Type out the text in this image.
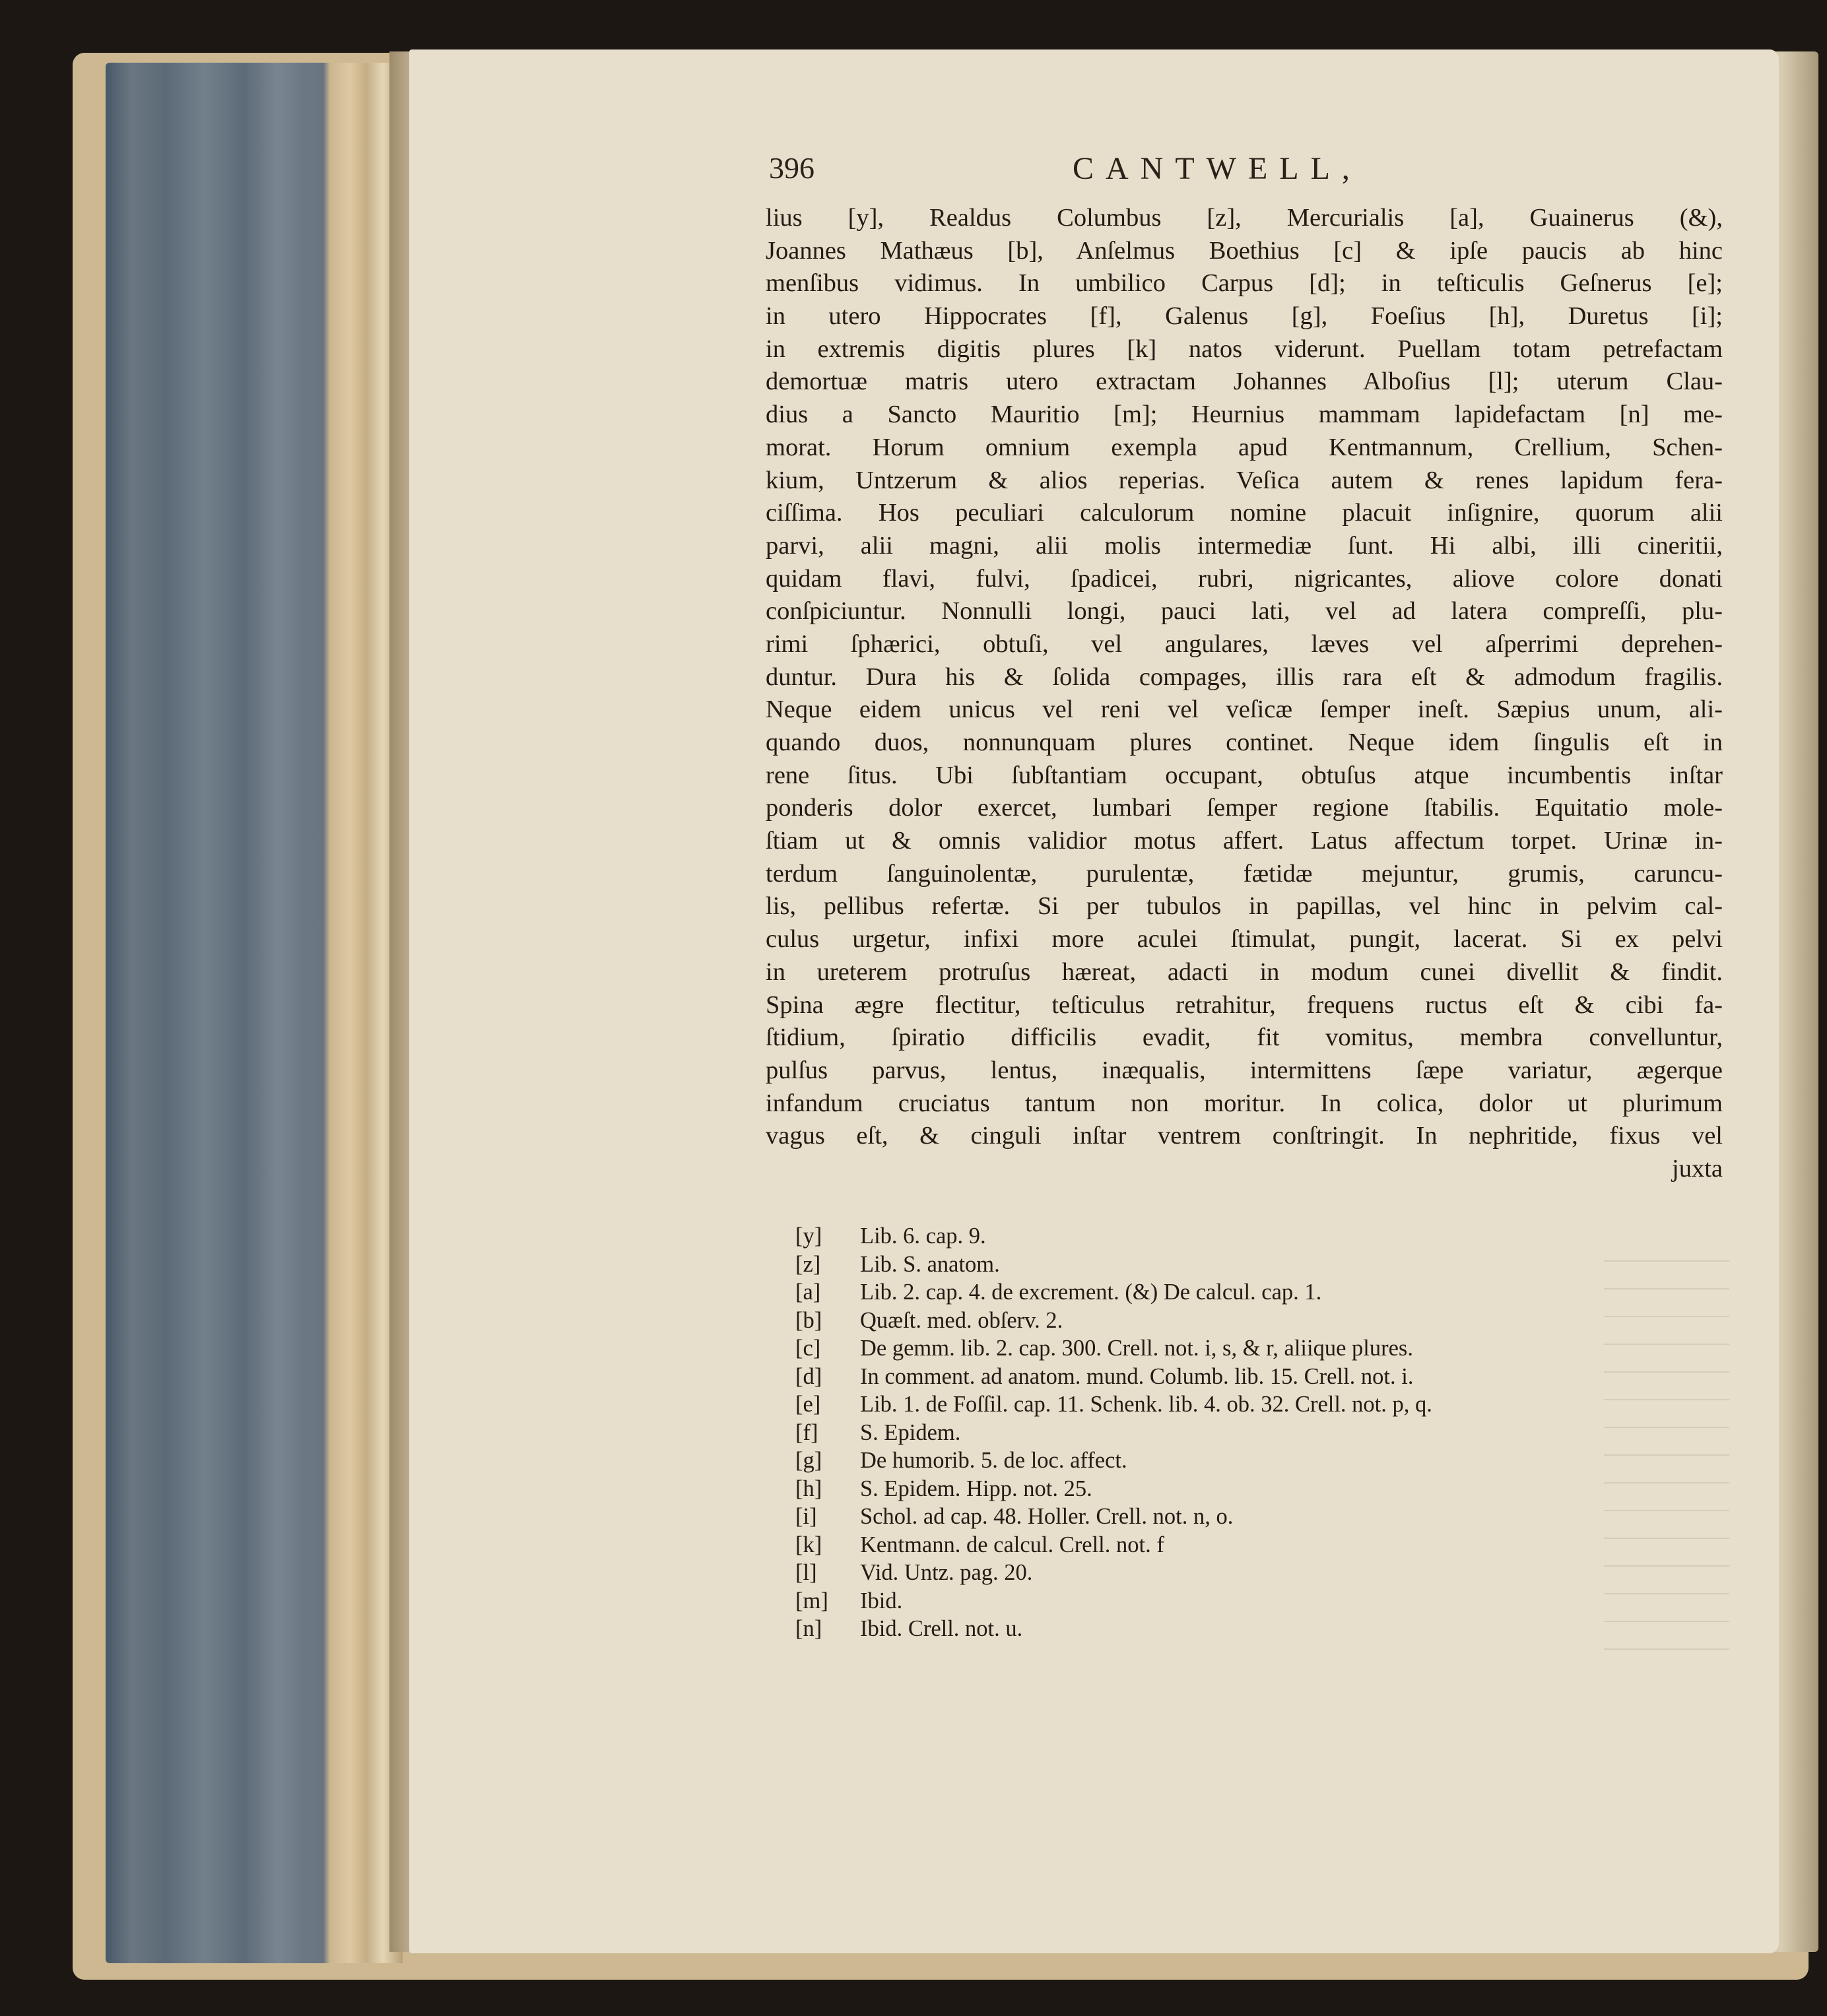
396	CANTWELL,
lius [y], Realdus Columbus [z], Mercurialis [a], Guainerus (&),
Joannes Mathæus [b], Anſelmus Boethius [c] & ipſe paucis ab hinc
menſibus vidimus. In umbilico Carpus [d]; in teſticulis Geſnerus [e];
in utero Hippocrates [f], Galenus [g], Foeſius [h], Duretus [i];
in extremis digitis plures [k] natos viderunt. Puellam totam petrefactam
demortuæ matris utero extractam Johannes Alboſius [l]; uterum Clau-
dius a Sancto Mauritio [m]; Heurnius mammam lapidefactam [n] me-
morat. Horum omnium exempla apud Kentmannum, Crellium, Schen-
kium, Untzerum & alios reperias. Veſica autem & renes lapidum fera-
ciſſima. Hos peculiari calculorum nomine placuit inſignire, quorum alii
parvi, alii magni, alii molis intermediæ ſunt. Hi albi, illi cineritii,
quidam flavi, fulvi, ſpadicei, rubri, nigricantes, aliove colore donati
conſpiciuntur. Nonnulli longi, pauci lati, vel ad latera compreſſi, plu-
rimi ſphærici, obtuſi, vel angulares, læves vel aſperrimi deprehen-
duntur. Dura his & ſolida compages, illis rara eſt & admodum fragilis.
Neque eidem unicus vel reni vel veſicæ ſemper ineſt. Sæpius unum, ali-
quando duos, nonnunquam plures continet. Neque idem ſingulis eſt in
rene ſitus. Ubi ſubſtantiam occupant, obtuſus atque incumbentis inſtar
ponderis dolor exercet, lumbari ſemper regione ſtabilis. Equitatio mole-
ſtiam ut & omnis validior motus affert. Latus affectum torpet. Urinæ in-
terdum ſanguinolentæ, purulentæ, fætidæ mejuntur, grumis, caruncu-
lis, pellibus refertæ. Si per tubulos in papillas, vel hinc in pelvim cal-
culus urgetur, infixi more aculei ſtimulat, pungit, lacerat. Si ex pelvi
in ureterem protruſus hæreat, adacti in modum cunei divellit & findit.
Spina ægre flectitur, teſticulus retrahitur, frequens ructus eſt & cibi fa-
ſtidium, ſpiratio difficilis evadit, fit vomitus, membra convelluntur,
pulſus parvus, lentus, inæqualis, intermittens ſæpe variatur, ægerque
infandum cruciatus tantum non moritur. In colica, dolor ut plurimum
vagus eſt, & cinguli inſtar ventrem conſtringit. In nephritide, fixus vel
juxta
[y] Lib. 6. cap. 9.
[z] Lib. S. anatom.
[a] Lib. 2. cap. 4. de excrement. (&) De calcul. cap. 1.
[b] Quæſt. med. obſerv. 2.
[c] De gemm. lib. 2. cap. 300. Crell. not. i, s, & r, aliique plures.
[d] In comment. ad anatom. mund. Columb. lib. 15. Crell. not. i.
[e] Lib. 1. de Foſſil. cap. 11. Schenk. lib. 4. ob. 32. Crell. not. p, q.
[f] S. Epidem.
[g] De humorib. 5. de loc. affect.
[h] S. Epidem. Hipp. not. 25.
[i] Schol. ad cap. 48. Holler. Crell. not. n, o.
[k] Kentmann. de calcul. Crell. not. f
[l] Vid. Untz. pag. 20.
[m] Ibid.
[n] Ibid. Crell. not. u.
